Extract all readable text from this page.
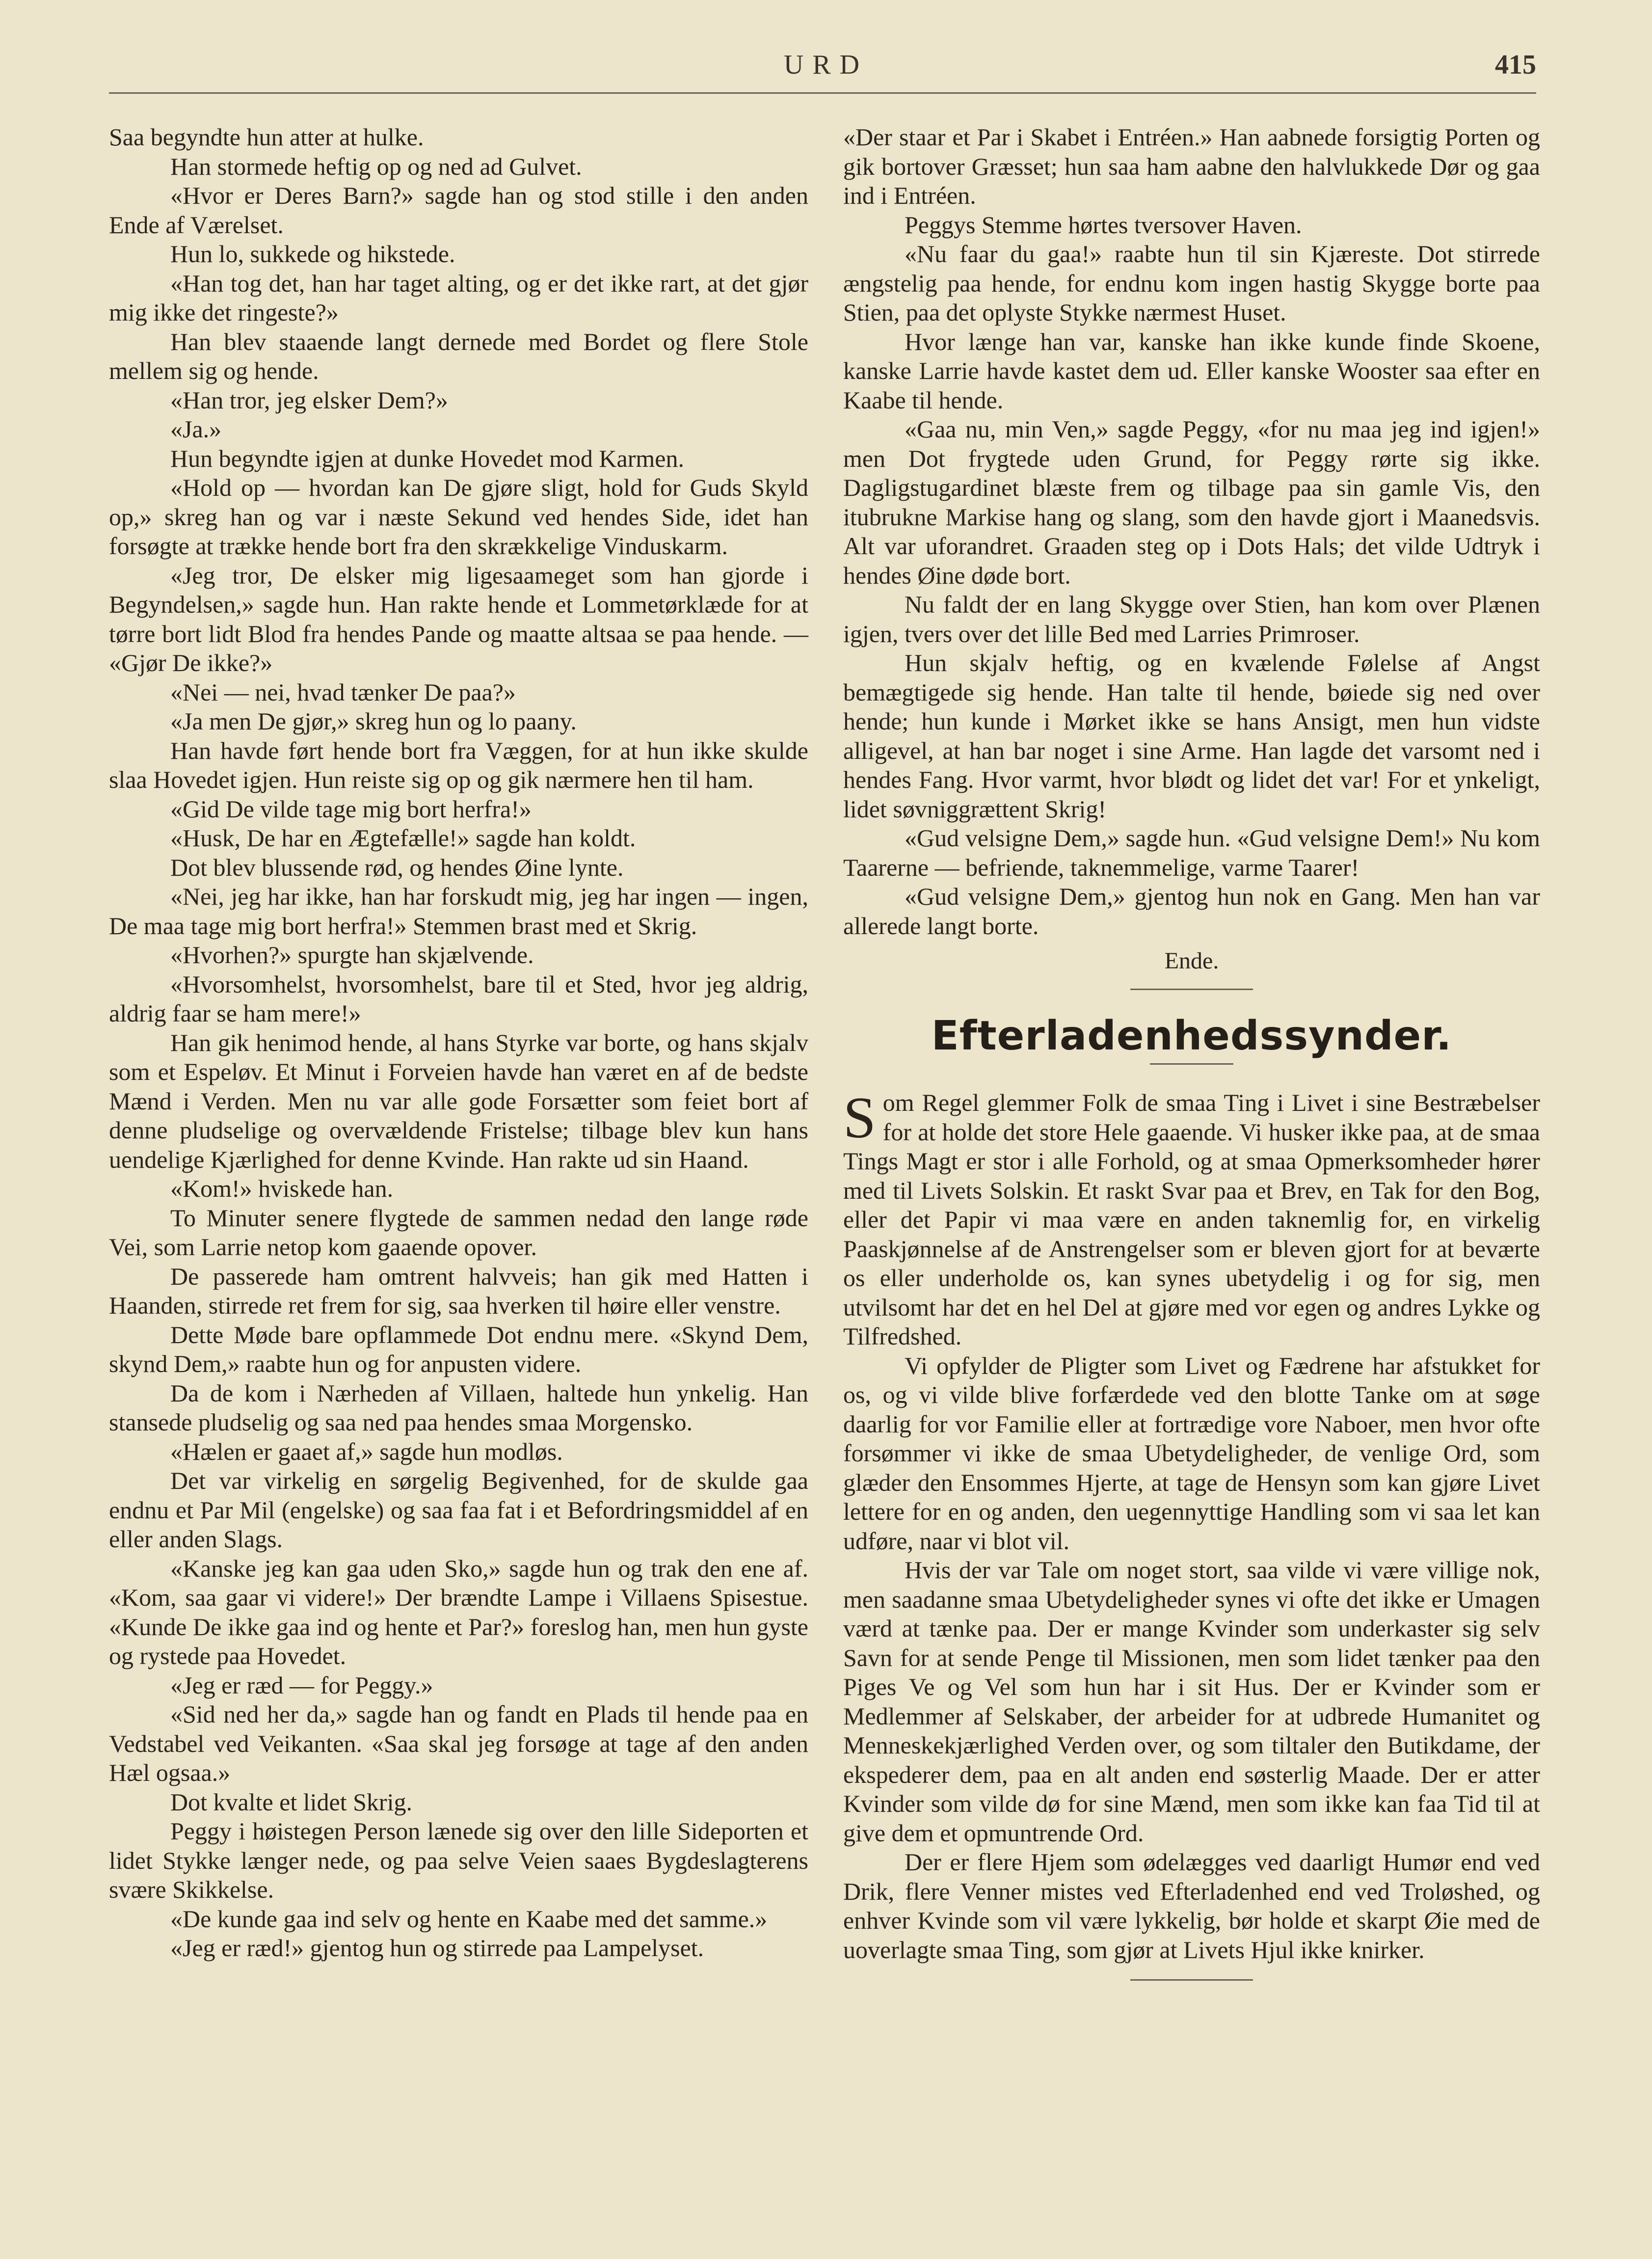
URD	415

Saa begyndte hun atter at hulke.

Han stormede heftig op og ned ad Gulvet.

«Hvor er Deres Barn?» sagde han og stod stille i den anden Ende af Værelset.

Hun lo, sukkede og hikstede.

«Han tog det, han har taget alting, og er det ikke rart, at det gjør mig ikke det ringeste?»

Han blev staaende langt dernede med Bordet og flere Stole mellem sig og hende.

«Han tror, jeg elsker Dem?»

«Ja.»

Hun begyndte igjen at dunke Hovedet mod Karmen.

«Hold op — hvordan kan De gjøre sligt, hold for Guds Skyld op,» skreg han og var i næste Sekund ved hendes Side, idet han forsøgte at trække hende bort fra den skrækkelige Vinduskarm.

«Jeg tror, De elsker mig ligesaameget som han gjorde i Begyndelsen,» sagde hun. Han rakte hende et Lommetørklæde for at tørre bort lidt Blod fra hendes Pande og maatte altsaa se paa hende. — «Gjør De ikke?»

«Nei — nei, hvad tænker De paa?»

«Ja men De gjør,» skreg hun og lo paany.

Han havde ført hende bort fra Væggen, for at hun ikke skulde slaa Hovedet igjen. Hun reiste sig op og gik nærmere hen til ham.

«Gid De vilde tage mig bort herfra!»

«Husk, De har en Ægtefælle!» sagde han koldt.

Dot blev blussende rød, og hendes Øine lynte.

«Nei, jeg har ikke, han har forskudt mig, jeg har ingen — ingen, De maa tage mig bort herfra!» Stemmen brast med et Skrig.

«Hvorhen?» spurgte han skjælvende.

«Hvorsomhelst, hvorsomhelst, bare til et Sted, hvor jeg aldrig, aldrig faar se ham mere!»

Han gik henimod hende, al hans Styrke var borte, og hans skjalv som et Espeløv. Et Minut i Forveien havde han været en af de bedste Mænd i Verden. Men nu var alle gode Forsætter som feiet bort af denne pludselige og overvældende Fristelse; tilbage blev kun hans uendelige Kjærlighed for denne Kvinde. Han rakte ud sin Haand.

«Kom!» hviskede han.

To Minuter senere flygtede de sammen nedad den lange røde Vei, som Larrie netop kom gaaende opover.

De passerede ham omtrent halvveis; han gik med Hatten i Haanden, stirrede ret frem for sig, saa hverken til høire eller venstre.

Dette Møde bare opflammede Dot endnu mere. «Skynd Dem, skynd Dem,» raabte hun og for anpusten videre.

Da de kom i Nærheden af Villaen, haltede hun ynkelig. Han stansede pludselig og saa ned paa hendes smaa Morgensko.

«Hælen er gaaet af,» sagde hun modløs.

Det var virkelig en sørgelig Begivenhed, for de skulde gaa endnu et Par Mil (engelske) og saa faa fat i et Befordringsmiddel af en eller anden Slags.

«Kanske jeg kan gaa uden Sko,» sagde hun og trak den ene af. «Kom, saa gaar vi videre!» Der brændte Lampe i Villaens Spisestue. «Kunde De ikke gaa ind og hente et Par?» foreslog han, men hun gyste og rystede paa Hovedet.

«Jeg er ræd — for Peggy.»

«Sid ned her da,» sagde han og fandt en Plads til hende paa en Vedstabel ved Veikanten. «Saa skal jeg forsøge at tage af den anden Hæl ogsaa.»

Dot kvalte et lidet Skrig.

Peggy i høistegen Person lænede sig over den lille Sideporten et lidet Stykke længer nede, og paa selve Veien saaes Bygdeslagterens svære Skikkelse.

«De kunde gaa ind selv og hente en Kaabe med det samme.»

«Jeg er ræd!» gjentog hun og stirrede paa Lampelyset.

«Der staar et Par i Skabet i Entréen.» Han aabnede forsigtig Porten og gik bortover Græsset; hun saa ham aabne den halvlukkede Dør og gaa ind i Entréen.

Peggys Stemme hørtes tversover Haven.

«Nu faar du gaa!» raabte hun til sin Kjæreste. Dot stirrede ængstelig paa hende, for endnu kom ingen hastig Skygge borte paa Stien, paa det oplyste Stykke nærmest Huset.

Hvor længe han var, kanske han ikke kunde finde Skoene, kanske Larrie havde kastet dem ud. Eller kanske Wooster saa efter en Kaabe til hende.

«Gaa nu, min Ven,» sagde Peggy, «for nu maa jeg ind igjen!» men Dot frygtede uden Grund, for Peggy rørte sig ikke. Dagligstugardinet blæste frem og tilbage paa sin gamle Vis, den itubrukne Markise hang og slang, som den havde gjort i Maanedsvis. Alt var uforandret. Graaden steg op i Dots Hals; det vilde Udtryk i hendes Øine døde bort.

Nu faldt der en lang Skygge over Stien, han kom over Plænen igjen, tvers over det lille Bed med Larries Primroser.

Hun skjalv heftig, og en kvælende Følelse af Angst bemægtigede sig hende. Han talte til hende, bøiede sig ned over hende; hun kunde i Mørket ikke se hans Ansigt, men hun vidste alligevel, at han bar noget i sine Arme. Han lagde det varsomt ned i hendes Fang. Hvor varmt, hvor blødt og lidet det var! For et ynkeligt, lidet søvniggrættent Skrig!

«Gud velsigne Dem,» sagde hun. «Gud velsigne Dem!» Nu kom Taarerne — befriende, taknemmelige, varme Taarer!

«Gud velsigne Dem,» gjentog hun nok en Gang. Men han var allerede langt borte.

Ende.

Efterladenhedssynder.

Som Regel glemmer Folk de smaa Ting i Livet i sine Bestræbelser for at holde det store Hele gaaende. Vi husker ikke paa, at de smaa Tings Magt er stor i alle Forhold, og at smaa Opmerksomheder hører med til Livets Solskin. Et raskt Svar paa et Brev, en Tak for den Bog, eller det Papir vi maa være en anden taknemlig for, en virkelig Paaskjønnelse af de Anstrengelser som er bleven gjort for at beværte os eller underholde os, kan synes ubetydelig i og for sig, men utvilsomt har det en hel Del at gjøre med vor egen og andres Lykke og Tilfredshed.

Vi opfylder de Pligter som Livet og Fædrene har afstukket for os, og vi vilde blive forfærdede ved den blotte Tanke om at søge daarlig for vor Familie eller at fortrædige vore Naboer, men hvor ofte forsømmer vi ikke de smaa Ubetydeligheder, de venlige Ord, som glæder den Ensommes Hjerte, at tage de Hensyn som kan gjøre Livet lettere for en og anden, den uegennyttige Handling som vi saa let kan udføre, naar vi blot vil.

Hvis der var Tale om noget stort, saa vilde vi være villige nok, men saadanne smaa Ubetydeligheder synes vi ofte det ikke er Umagen værd at tænke paa. Der er mange Kvinder som underkaster sig selv Savn for at sende Penge til Missionen, men som lidet tænker paa den Piges Ve og Vel som hun har i sit Hus. Der er Kvinder som er Medlemmer af Selskaber, der arbeider for at udbrede Humanitet og Menneskekjærlighed Verden over, og som tiltaler den Butikdame, der ekspederer dem, paa en alt anden end søsterlig Maade. Der er atter Kvinder som vilde dø for sine Mænd, men som ikke kan faa Tid til at give dem et opmuntrende Ord.

Der er flere Hjem som ødelægges ved daarligt Humør end ved Drik, flere Venner mistes ved Efterladenhed end ved Troløshed, og enhver Kvinde som vil være lykkelig, bør holde et skarpt Øie med de uoverlagte smaa Ting, som gjør at Livets Hjul ikke knirker.
